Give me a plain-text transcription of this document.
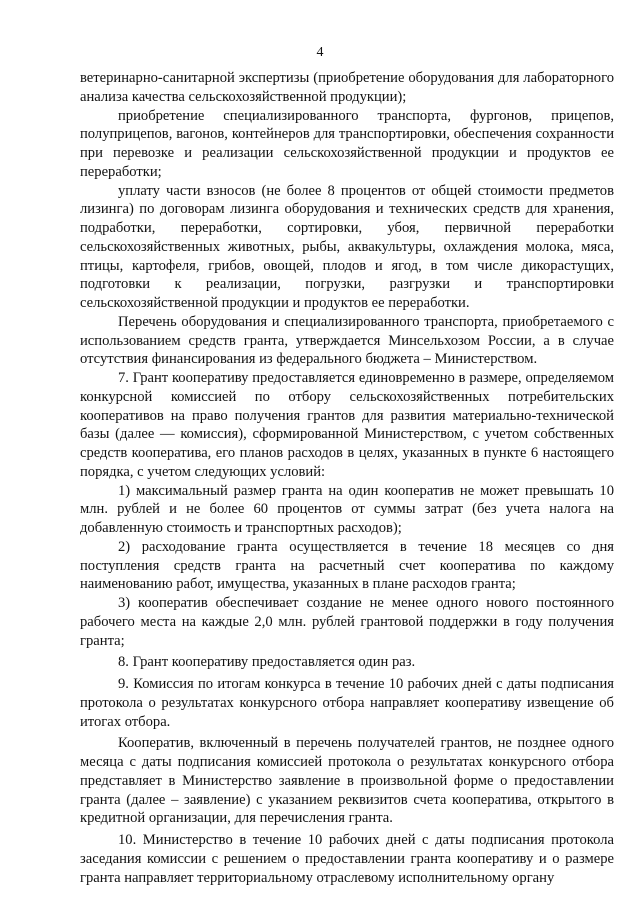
4

ветеринарно-санитарной экспертизы (приобретение оборудования для лабораторного анализа качества сельскохозяйственной продукции);

приобретение специализированного транспорта, фургонов, прицепов, полуприцепов, вагонов, контейнеров для транспортировки, обеспечения сохранности при перевозке и реализации сельскохозяйственной продукции и продуктов ее переработки;

уплату части взносов (не более 8 процентов от общей стоимости предметов лизинга) по договорам лизинга оборудования и технических средств для хранения, подработки, переработки, сортировки, убоя, первичной переработки сельскохозяйственных животных, рыбы, аквакультуры, охлаждения молока, мяса, птицы, картофеля, грибов, овощей, плодов и ягод, в том числе дикорастущих, подготовки к реализации, погрузки, разгрузки и транспортировки сельскохозяйственной продукции и продуктов ее переработки.

Перечень оборудования и специализированного транспорта, приобретаемого с использованием средств гранта, утверждается Минсельхозом России, а в случае отсутствия финансирования из федерального бюджета – Министерством.

7. Грант кооперативу предоставляется единовременно в размере, определяемом конкурсной комиссией по отбору сельскохозяйственных потребительских кооперативов на право получения грантов для развития материально-технической базы (далее — комиссия), сформированной Министерством, с учетом собственных средств кооператива, его планов расходов в целях, указанных в пункте 6 настоящего порядка, с учетом следующих условий:

1) максимальный размер гранта на один кооператив не может превышать 10 млн. рублей и не более 60 процентов от суммы затрат (без учета налога на добавленную стоимость и транспортных расходов);

2) расходование гранта осуществляется в течение 18 месяцев со дня поступления средств гранта на расчетный счет кооператива по каждому наименованию работ, имущества, указанных в плане расходов гранта;

3) кооператив обеспечивает создание не менее одного нового постоянного рабочего места на каждые 2,0 млн. рублей грантовой поддержки в году получения гранта;

8. Грант кооперативу предоставляется один раз.

9. Комиссия по итогам конкурса в течение 10 рабочих дней с даты подписания протокола о результатах конкурсного отбора направляет кооперативу извещение об итогах отбора.

Кооператив, включенный в перечень получателей грантов, не позднее одного месяца с даты подписания комиссией протокола о результатах конкурсного отбора представляет в Министерство заявление в произвольной форме о предоставлении гранта (далее – заявление) с указанием реквизитов счета кооператива, открытого в кредитной организации, для перечисления гранта.

10. Министерство в течение 10 рабочих дней с даты подписания протокола заседания комиссии с решением о предоставлении гранта кооперативу и о размере гранта направляет территориальному отраслевому исполнительному органу
